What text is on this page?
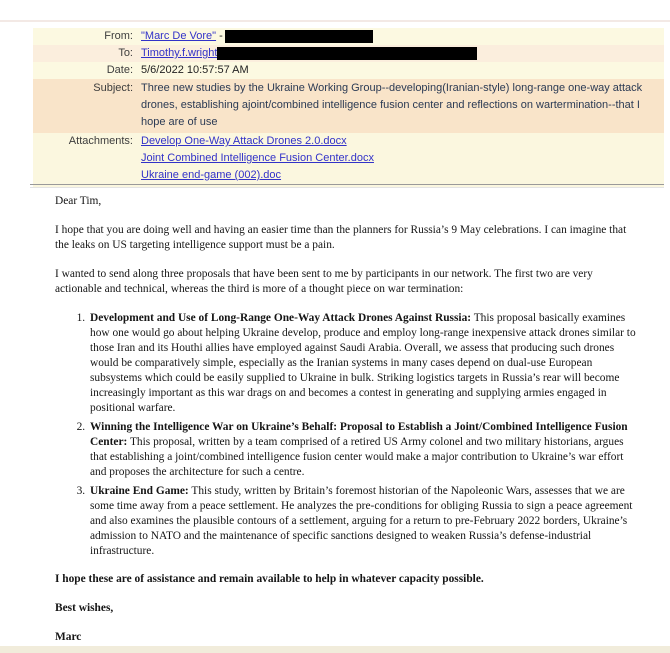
From: "Marc De Vore" -
To: Timothy.f.wright
Date: 5/6/2022 10:57:57 AM
Subject: Three new studies by the Ukraine Working Group--developing(Iranian-style) long-range one-way attack drones, establishing ajoint/combined intelligence fusion center and reflections on wartermination--that I hope are of use
Attachments: Develop One-Way Attack Drones 2.0.docx
Joint Combined Intelligence Fusion Center.docx
Ukraine end-game (002).doc

Dear Tim,

I hope that you are doing well and having an easier time than the planners for Russia’s 9 May celebrations. I can imagine that the leaks on US targeting intelligence support must be a pain.

I wanted to send along three proposals that have been sent to me by participants in our network. The first two are very actionable and technical, whereas the third is more of a thought piece on war termination:

1. Development and Use of Long-Range One-Way Attack Drones Against Russia: This proposal basically examines how one would go about helping Ukraine develop, produce and employ long-range inexpensive attack drones similar to those Iran and its Houthi allies have employed against Saudi Arabia. Overall, we assess that producing such drones would be comparatively simple, especially as the Iranian systems in many cases depend on dual-use European subsystems which could be easily supplied to Ukraine in bulk. Striking logistics targets in Russia’s rear will become increasingly important as this war drags on and becomes a contest in generating and supplying armies engaged in positional warfare.
2. Winning the Intelligence War on Ukraine’s Behalf: Proposal to Establish a Joint/Combined Intelligence Fusion Center: This proposal, written by a team comprised of a retired US Army colonel and two military historians, argues that establishing a joint/combined intelligence fusion center would make a major contribution to Ukraine’s war effort and proposes the architecture for such a centre.
3. Ukraine End Game: This study, written by Britain’s foremost historian of the Napoleonic Wars, assesses that we are some time away from a peace settlement. He analyzes the pre-conditions for obliging Russia to sign a peace agreement and also examines the plausible contours of a settlement, arguing for a return to pre-February 2022 borders, Ukraine’s admission to NATO and the maintenance of specific sanctions designed to weaken Russia’s defense-industrial infrastructure.

I hope these are of assistance and remain available to help in whatever capacity possible.

Best wishes,

Marc
